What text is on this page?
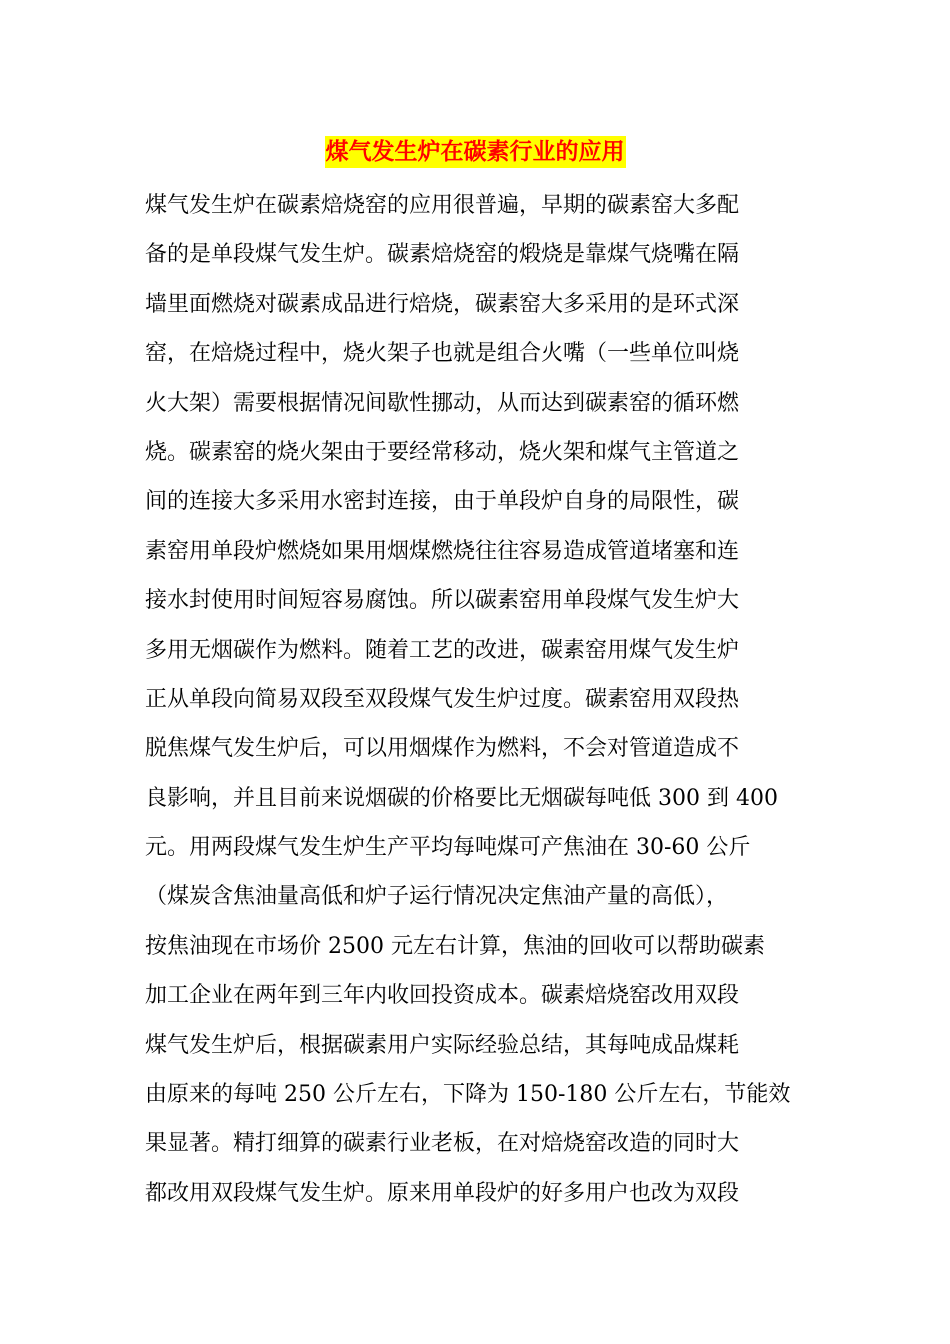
煤气发生炉在碳素行业的应用
煤气发生炉在碳素焙烧窑的应用很普遍，早期的碳素窑大多配
备的是单段煤气发生炉。碳素焙烧窑的煅烧是靠煤气烧嘴在隔
墙里面燃烧对碳素成品进行焙烧，碳素窑大多采用的是环式深
窑，在焙烧过程中，烧火架子也就是组合火嘴（一些单位叫烧
火大架）需要根据情况间歇性挪动，从而达到碳素窑的循环燃
烧。碳素窑的烧火架由于要经常移动，烧火架和煤气主管道之
间的连接大多采用水密封连接，由于单段炉自身的局限性，碳
素窑用单段炉燃烧如果用烟煤燃烧往往容易造成管道堵塞和连
接水封使用时间短容易腐蚀。所以碳素窑用单段煤气发生炉大
多用无烟碳作为燃料。随着工艺的改进，碳素窑用煤气发生炉
正从单段向简易双段至双段煤气发生炉过度。碳素窑用双段热
脱焦煤气发生炉后，可以用烟煤作为燃料，不会对管道造成不
良影响，并且目前来说烟碳的价格要比无烟碳每吨低 300 到 400
元。用两段煤气发生炉生产平均每吨煤可产焦油在 30-60 公斤
（煤炭含焦油量高低和炉子运行情况决定焦油产量的高低），
按焦油现在市场价 2500 元左右计算，焦油的回收可以帮助碳素
加工企业在两年到三年内收回投资成本。碳素焙烧窑改用双段
煤气发生炉后，根据碳素用户实际经验总结，其每吨成品煤耗
由原来的每吨 250 公斤左右，下降为 150-180 公斤左右，节能效
果显著。精打细算的碳素行业老板，在对焙烧窑改造的同时大
都改用双段煤气发生炉。原来用单段炉的好多用户也改为双段
